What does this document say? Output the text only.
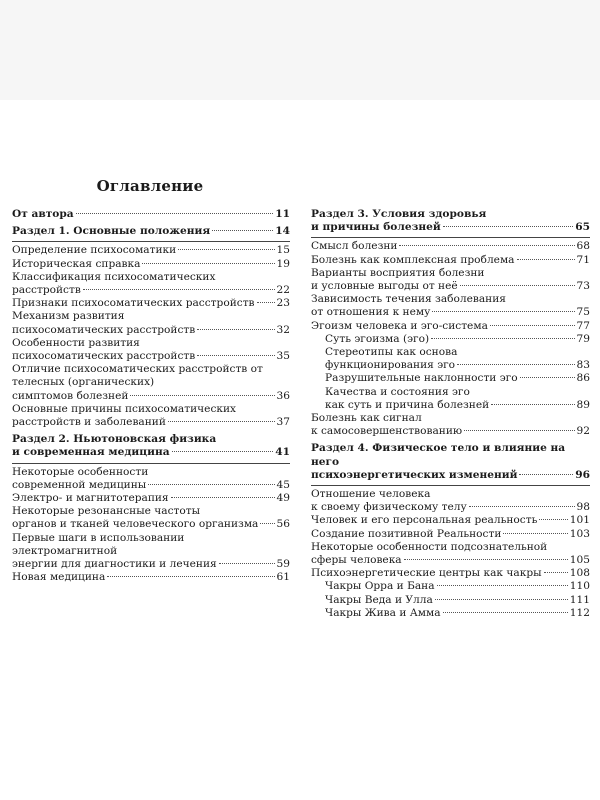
Оглавление
От автора	11
Раздел 1. Основные положения	14
Определение психосоматики	15
Историческая справка	19
Классификация психосоматических
расстройств	22
Признаки психосоматических расстройств 23
Механизм развития
психосоматических расстройств	32
Особенности развития
психосоматических расстройств	35
Отличие психосоматических расстройств от
телесных (органических)
симптомов болезней	36
Основные причины психосоматических
расстройств и заболеваний	37
Раздел 2. Ньютоновская физика
и современная медицина	41
Некоторые особенности
современной медицины	45
Электро- и магнитотерапия	49
Некоторые резонансные частоты
органов и тканей человеческого организма 56
Первые шаги в использовании электромагнитной
энергии для диагностики и лечения	59
Новая медицина	61
Раздел 3. Условия здоровья
и причины болезней	65
Смысл болезни	68
Болезнь как комплексная проблема	71
Варианты восприятия болезни
и условные выгоды от неё	73
Зависимость течения заболевания
от отношения к нему	75
Эгоизм человека и эго-система	77
Суть эгоизма (эго)	79
Стереотипы как основа
функционирования эго	83
Разрушительные наклонности эго	86
Качества и состояния эго
как суть и причина болезней	89
Болезнь как сигнал
к самосовершенствованию	92
Раздел 4. Физическое тело и влияние на него
психоэнергетических изменений	96
Отношение человека
к своему физическому телу	98
Человек и его персональная реальность	101
Создание позитивной Реальности	103
Некоторые особенности подсознательной
сферы человека	105
Психоэнергетические центры как чакры	108
Чакры Орра и Бана	110
Чакры Веда и Улла	111
Чакры Жива и Амма	112
